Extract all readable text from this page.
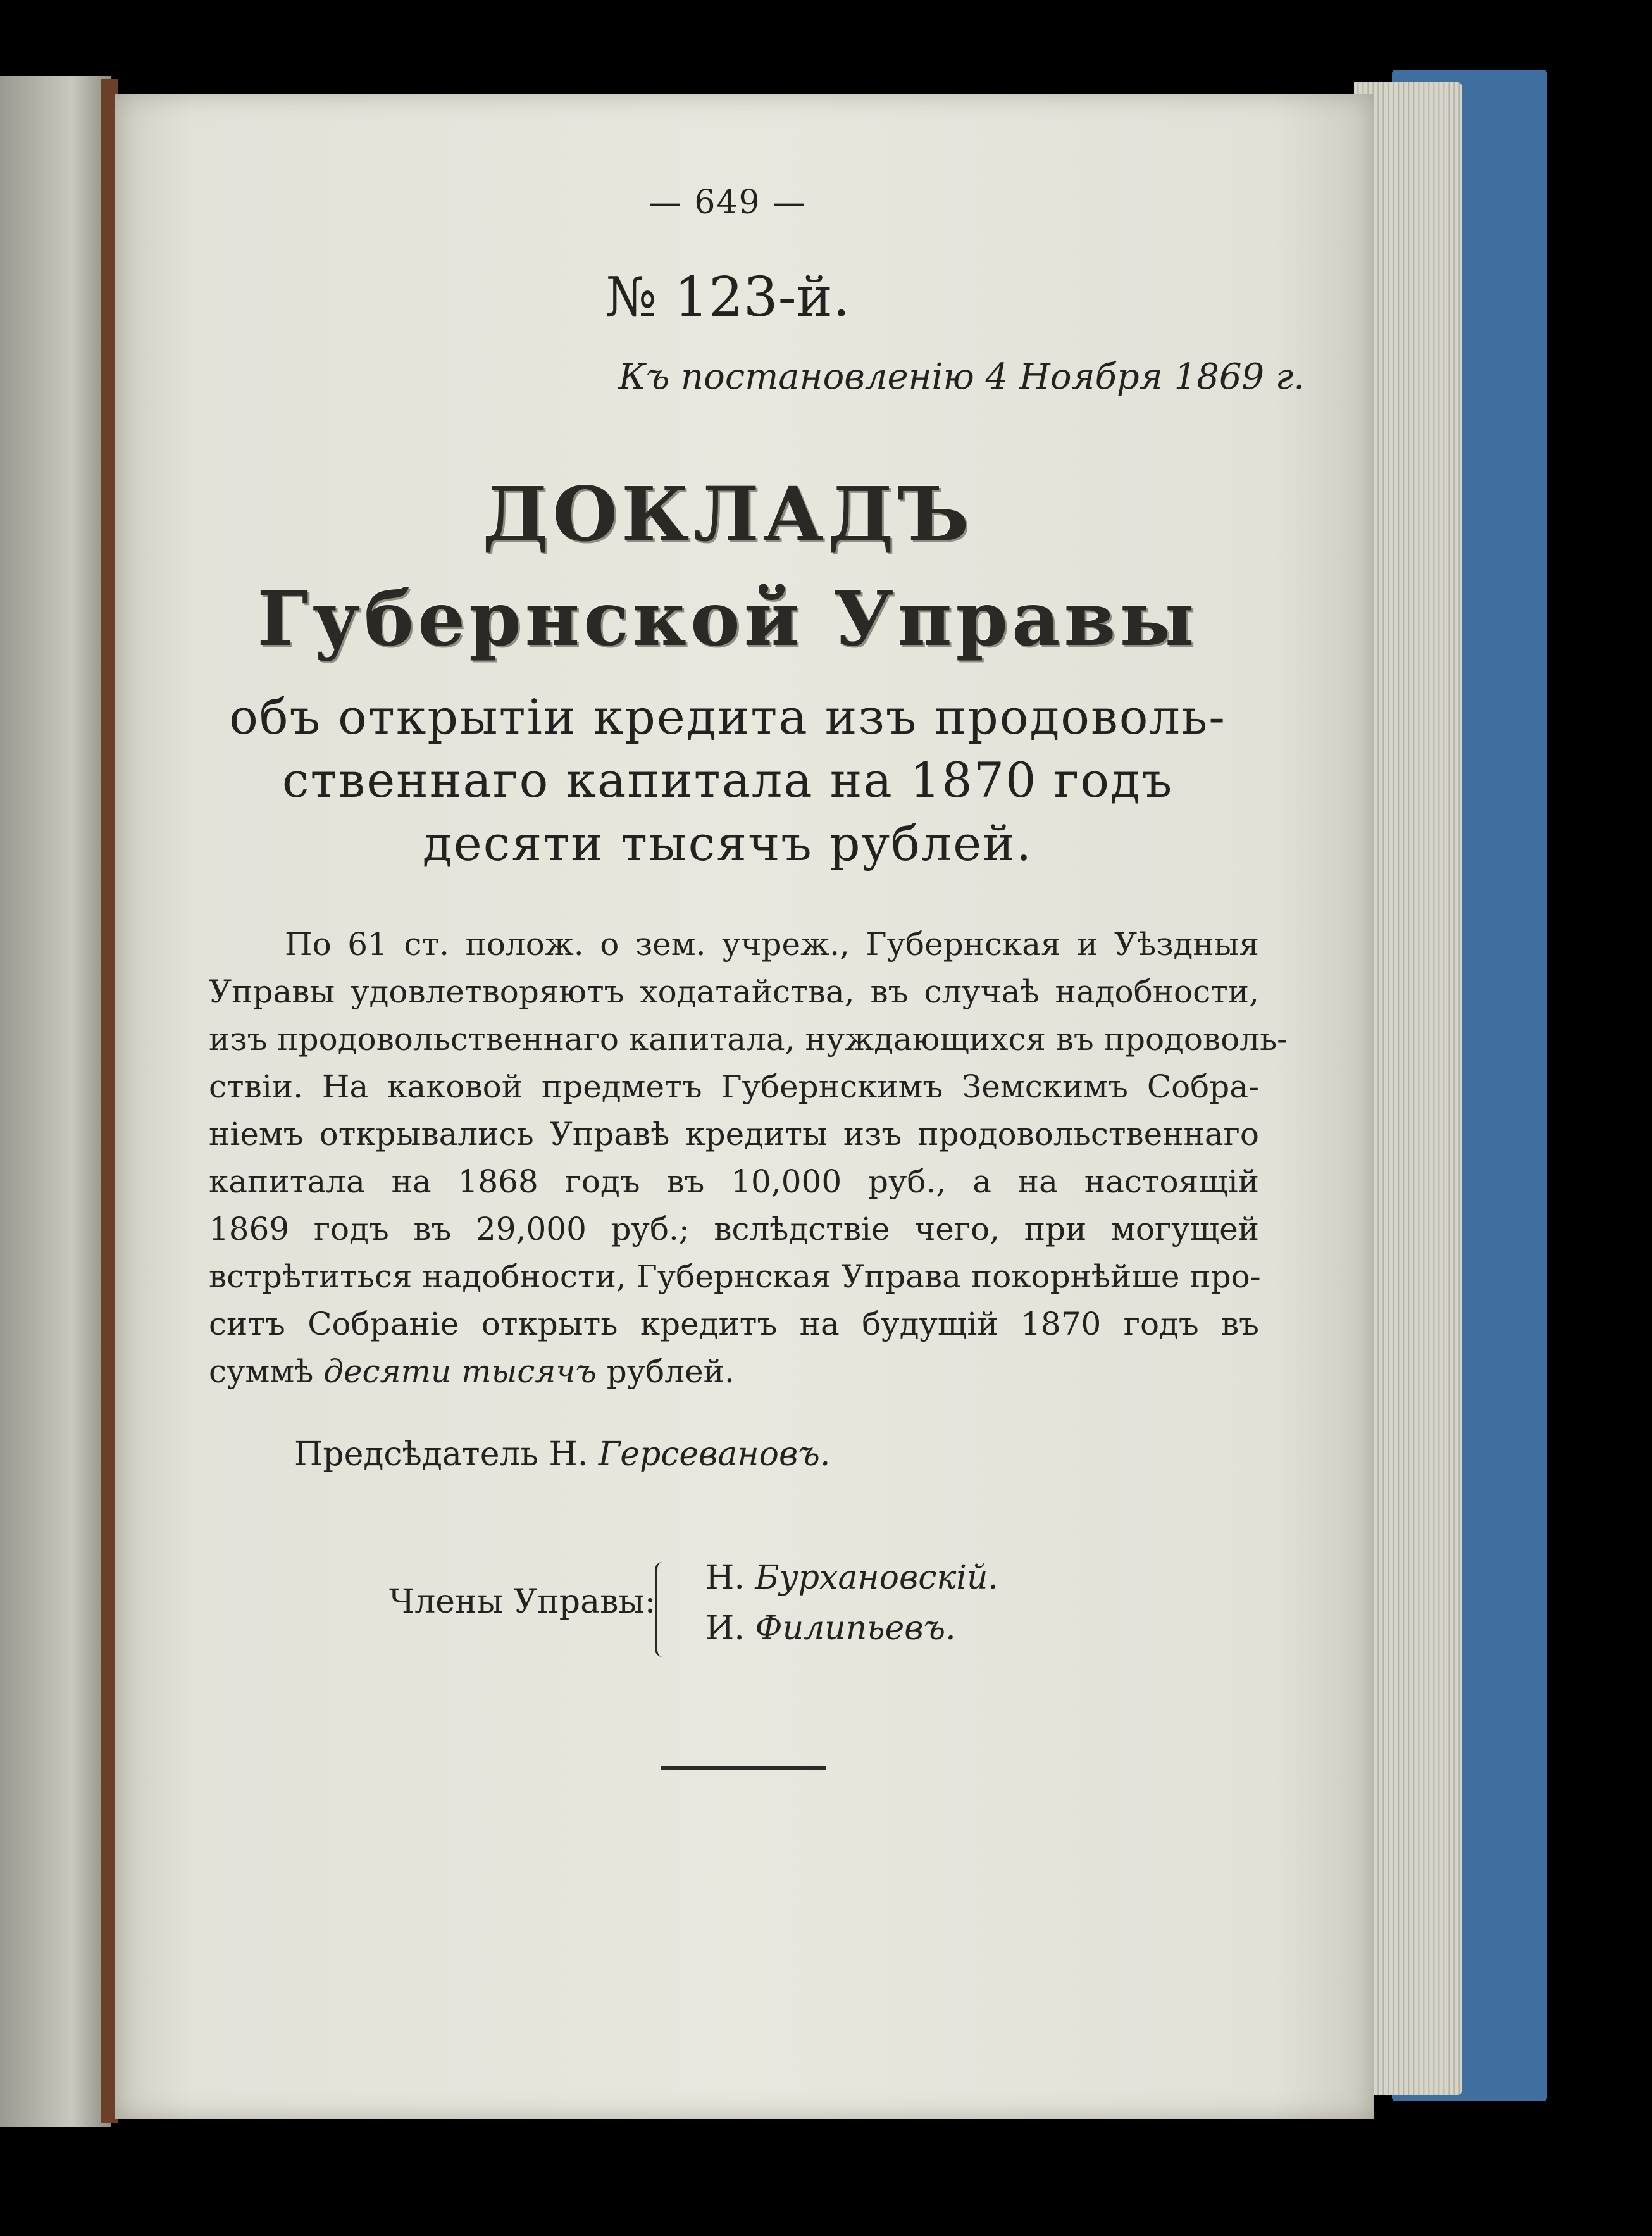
— 649 —
№ 123-й.
Къ постановленію 4 Ноября 1869 г.
ДОКЛАДЪ
Губернской Управы
объ открытіи кредита изъ продоволь-
ственнаго капитала на 1870 годъ
десяти тысячъ рублей.
По 61 ст. полож. о зем. учреж., Губернская и Уѣздныя
Управы удовлетворяютъ ходатайства, въ случаѣ надобности,
изъ продовольственнаго капитала, нуждающихся въ продоволь-
ствіи. На каковой предметъ Губернскимъ Земскимъ Собра-
ніемъ открывались Управѣ кредиты изъ продовольственнаго
капитала на 1868 годъ въ 10,000 руб., а на настоящій
1869 годъ въ 29,000 руб.; вслѣдствіе чего, при могущей
встрѣтиться надобности, Губернская Управа покорнѣйше про-
ситъ Собраніе открыть кредитъ на будущій 1870 годъ въ
суммѣ десяти тысячъ рублей.
Предсѣдатель Н. Герсевановъ.
Члены Управы:
Н. Бурхановскій.
И. Филипьевъ.
